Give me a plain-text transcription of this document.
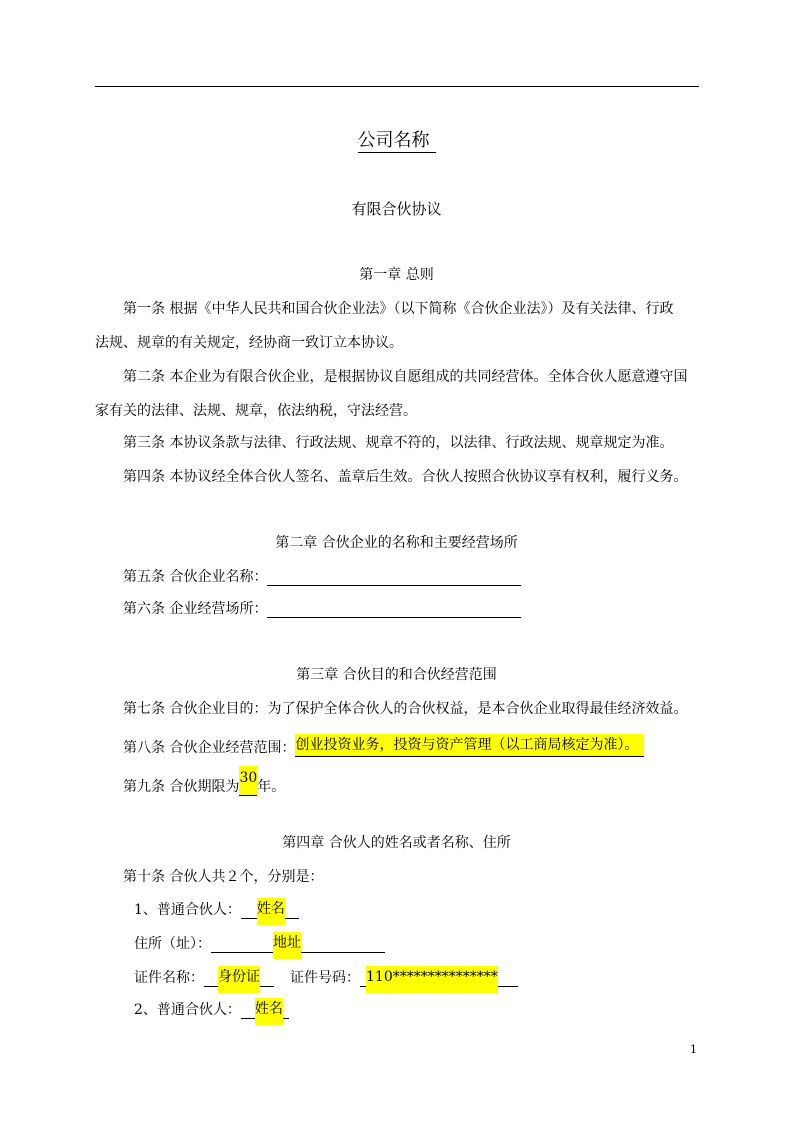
公司名称
有限合伙协议
第一章 总则
第一条 根据《中华人民共和国合伙企业法》（以下简称《合伙企业法》）及有关法律、行政
法规、规章的有关规定，经协商一致订立本协议。
第二条 本企业为有限合伙企业，是根据协议自愿组成的共同经营体。全体合伙人愿意遵守国
家有关的法律、法规、规章，依法纳税，守法经营。
第三条 本协议条款与法律、行政法规、规章不符的，以法律、行政法规、规章规定为准。
第四条 本协议经全体合伙人签名、盖章后生效。合伙人按照合伙协议享有权利，履行义务。
第二章 合伙企业的名称和主要经营场所
第五条 合伙企业名称：
第六条 企业经营场所：
第三章 合伙目的和合伙经营范围
第七条 合伙企业目的：为了保护全体合伙人的合伙权益，是本合伙企业取得最佳经济效益。
第八条 合伙企业经营范围：创业投资业务，投资与资产管理（以工商局核定为准）。
第九条 合伙期限为30年。
第四章 合伙人的姓名或者名称、住所
第十条 合伙人共２个，分别是：
1、普通合伙人： 姓名
住所（址）：	地址
证件名称： 身份证 证件号码： 110***************
2、普通合伙人： 姓名
1
